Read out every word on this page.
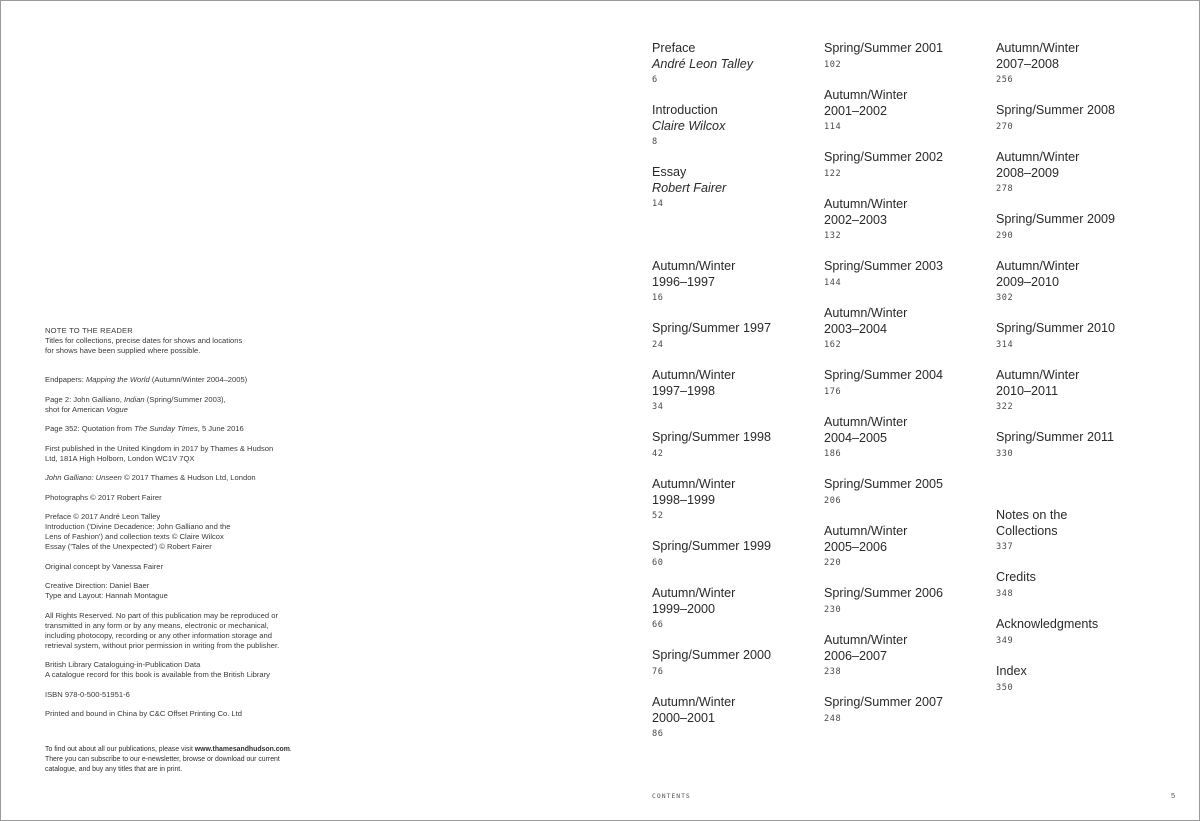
NOTE TO THE READER
Titles for collections, precise dates for shows and locations
for shows have been supplied where possible.
Endpapers: Mapping the World (Autumn/Winter 2004–2005)
Page 2: John Galliano, Indian (Spring/Summer 2003),
shot for American Vogue
Page 352: Quotation from The Sunday Times, 5 June 2016
First published in the United Kingdom in 2017 by Thames & Hudson
Ltd, 181A High Holborn, London WC1V 7QX
John Galliano: Unseen © 2017 Thames & Hudson Ltd, London
Photographs © 2017 Robert Fairer
Preface © 2017 André Leon Talley
Introduction ('Divine Decadence: John Galliano and the
Lens of Fashion') and collection texts © Claire Wilcox
Essay ('Tales of the Unexpected') © Robert Fairer
Original concept by Vanessa Fairer
Creative Direction: Daniel Baer
Type and Layout: Hannah Montague
All Rights Reserved. No part of this publication may be reproduced or
transmitted in any form or by any means, electronic or mechanical,
including photocopy, recording or any other information storage and
retrieval system, without prior permission in writing from the publisher.
British Library Cataloguing-in-Publication Data
A catalogue record for this book is available from the British Library
ISBN 978-0-500-51951-6
Printed and bound in China by C&C Offset Printing Co. Ltd
To find out about all our publications, please visit www.thamesandhudson.com.
There you can subscribe to our e-newsletter, browse or download our current
catalogue, and buy any titles that are in print.
Preface
André Leon Talley
6
Introduction
Claire Wilcox
8
Essay
Robert Fairer
14
Autumn/Winter
1996–1997
16
Spring/Summer 1997
24
Autumn/Winter
1997–1998
34
Spring/Summer 1998
42
Autumn/Winter
1998–1999
52
Spring/Summer 1999
60
Autumn/Winter
1999–2000
66
Spring/Summer 2000
76
Autumn/Winter
2000–2001
86
Spring/Summer 2001
102
Autumn/Winter
2001–2002
114
Spring/Summer 2002
122
Autumn/Winter
2002–2003
132
Spring/Summer 2003
144
Autumn/Winter
2003–2004
162
Spring/Summer 2004
176
Autumn/Winter
2004–2005
186
Spring/Summer 2005
206
Autumn/Winter
2005–2006
220
Spring/Summer 2006
230
Autumn/Winter
2006–2007
238
Spring/Summer 2007
248
Autumn/Winter
2007–2008
256
Spring/Summer 2008
270
Autumn/Winter
2008–2009
278
Spring/Summer 2009
290
Autumn/Winter
2009–2010
302
Spring/Summer 2010
314
Autumn/Winter
2010–2011
322
Spring/Summer 2011
330
Notes on the
Collections
337
Credits
348
Acknowledgments
349
Index
350
CONTENTS	5
